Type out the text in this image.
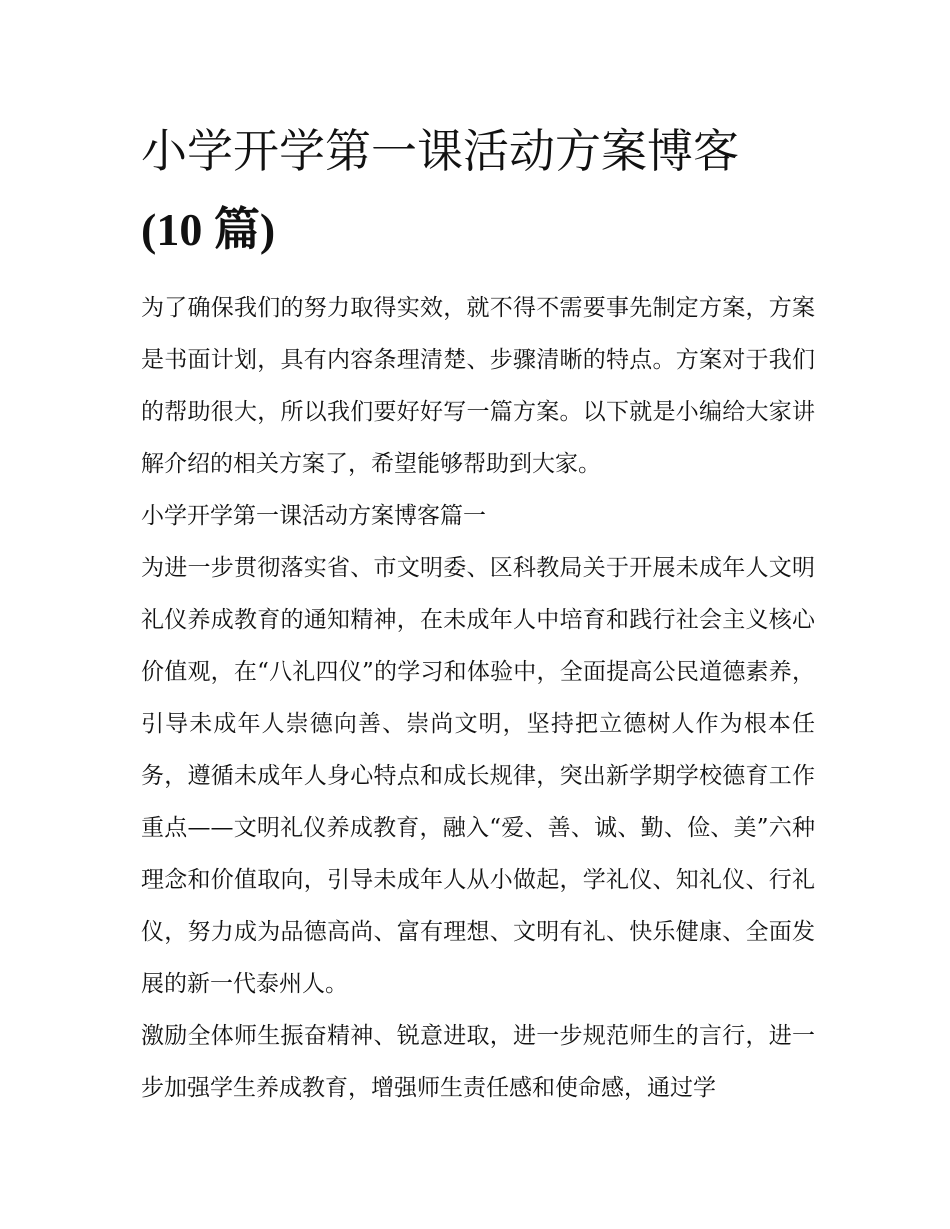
小学开学第一课活动方案博客
(10 篇)

为了确保我们的努力取得实效，就不得不需要事先制定方案，方案是书面计划，具有内容条理清楚、步骤清晰的特点。方案对于我们的帮助很大，所以我们要好好写一篇方案。以下就是小编给大家讲解介绍的相关方案了，希望能够帮助到大家。

小学开学第一课活动方案博客篇一

为进一步贯彻落实省、市文明委、区科教局关于开展未成年人文明礼仪养成教育的通知精神，在未成年人中培育和践行社会主义核心价值观，在“八礼四仪”的学习和体验中，全面提高公民道德素养，引导未成年人崇德向善、崇尚文明，坚持把立德树人作为根本任务，遵循未成年人身心特点和成长规律，突出新学期学校德育工作重点——文明礼仪养成教育，融入“爱、善、诚、勤、俭、美”六种理念和价值取向，引导未成年人从小做起，学礼仪、知礼仪、行礼仪，努力成为品德高尚、富有理想、文明有礼、快乐健康、全面发展的新一代泰州人。

激励全体师生振奋精神、锐意进取，进一步规范师生的言行，进一步加强学生养成教育，增强师生责任感和使命感，通过学
